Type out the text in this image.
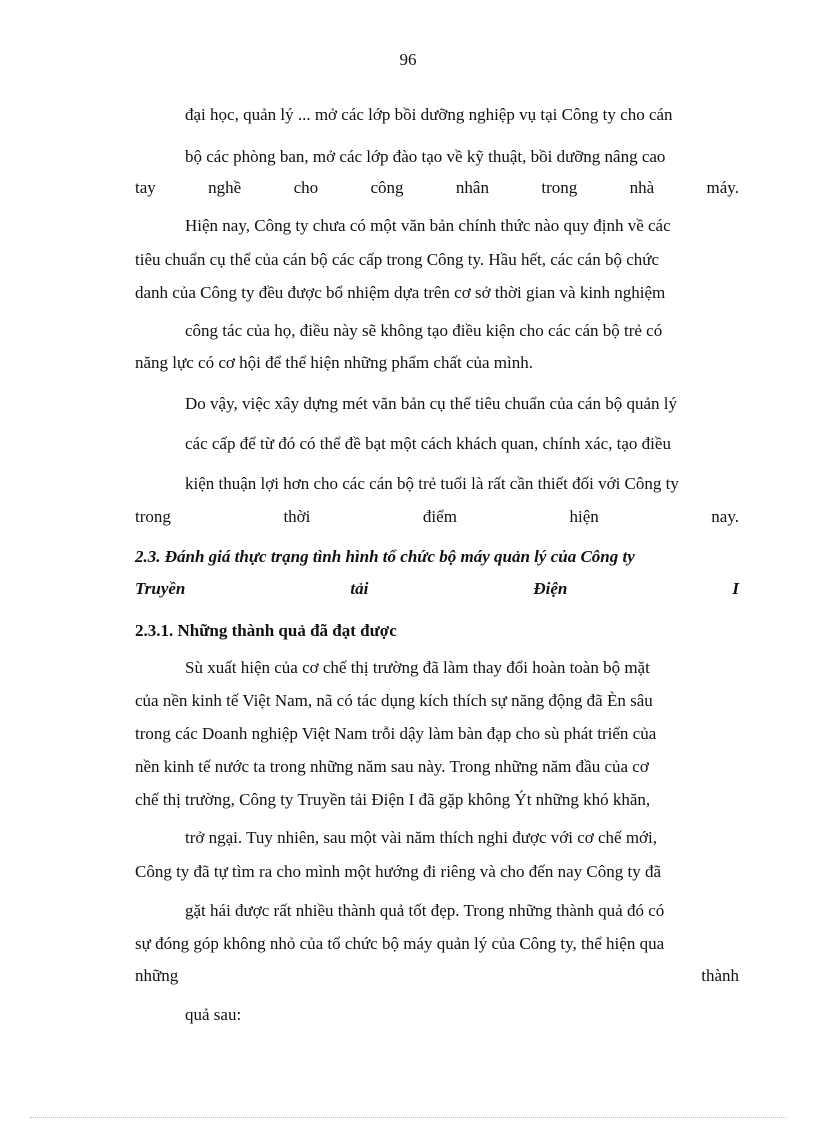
96
đại học, quản lý ... mở các lớp bồi dưỡng nghiệp vụ tại Công ty cho cán
bộ các phòng ban, mở các lớp đào tạo về kỹ thuật, bồi dưỡng nâng cao
tay	nghề	cho	công	nhân	trong	nhà	máy.
Hiện nay, Công ty chưa có một văn bản chính thức nào quy định về các
tiêu chuẩn cụ thể của cán bộ các cấp trong Công ty. Hầu hết, các cán bộ chức
danh của Công ty đều được bổ nhiệm dựa trên cơ sở thời gian và kinh nghiệm
công tác của họ, điều này sẽ không tạo điều kiện cho các cán bộ trẻ có
năng lực có cơ hội để thể hiện những phẩm chất của mình.
Do vậy, việc xây dựng mét văn bản cụ thể tiêu chuẩn của cán bộ quản lý
các cấp để từ đó có thể đề bạt một cách khách quan, chính xác, tạo điều
kiện thuận lợi hơn cho các cán bộ trẻ tuổi là rất cần thiết đối với Công ty
trong	thời	điểm	hiện	nay.
2.3. Đánh giá thực trạng tình hình tổ chức bộ máy quản lý của Công ty
Truyền	tải	Điện	I
2.3.1. Những thành quả đã đạt được
Sù xuất hiện của cơ chế thị trường đã làm thay đổi hoàn toàn bộ mặt
của nền kinh tế Việt Nam, nã có tác dụng kích thích sự năng động đã Èn sâu
trong các Doanh nghiệp Việt Nam trỗi dậy làm bàn đạp cho sù phát triển của
nền kinh tế nước ta trong những năm sau này. Trong những năm đầu của cơ
chế thị trường, Công ty Truyền tải Điện I đã gặp không Ýt những khó khăn,
trở ngại. Tuy nhiên, sau một vài năm thích nghi được với cơ chế mới,
Công ty đã tự tìm ra cho mình một hướng đi riêng và cho đến nay Công ty đã
gặt hái được rất nhiều thành quả tốt đẹp. Trong những thành quả đó có
sự đóng góp không nhỏ của tổ chức bộ máy quản lý của Công ty, thể hiện qua
những	thành
quả sau:
